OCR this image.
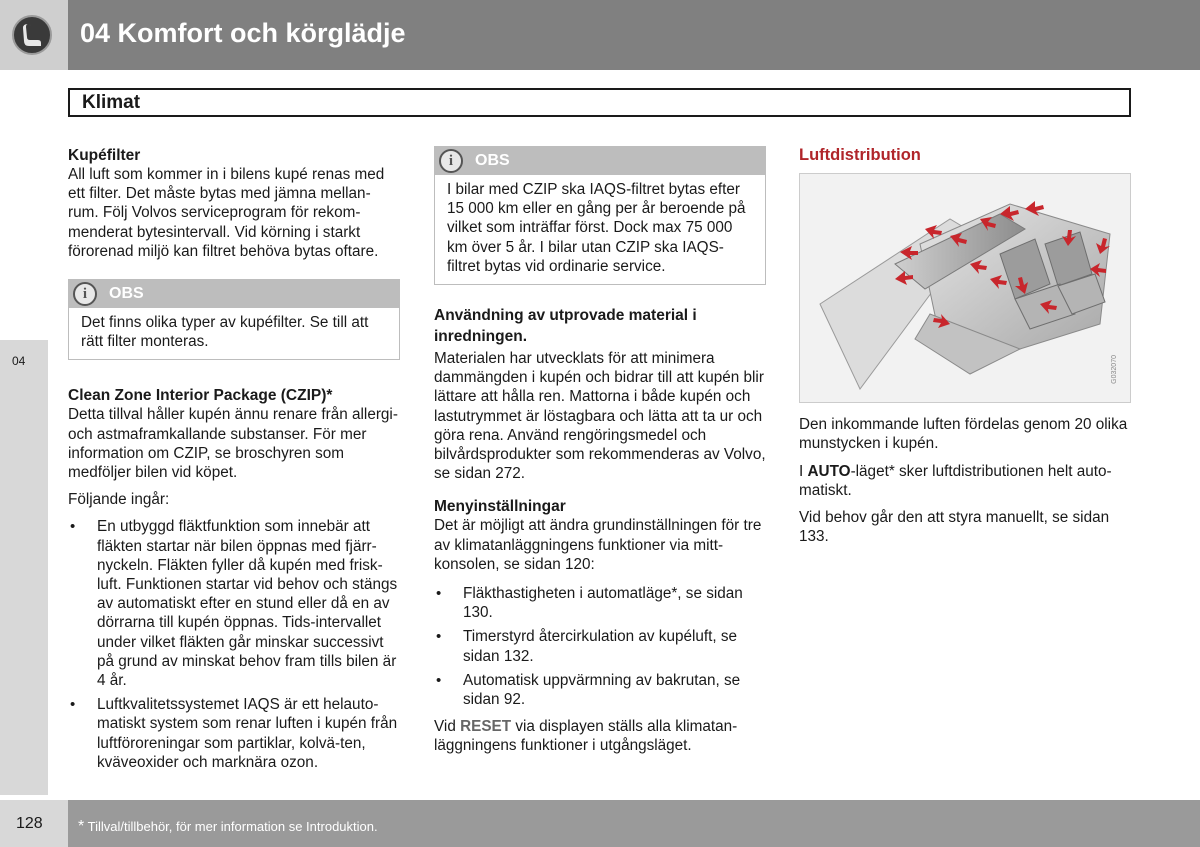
04 Komfort och körglädje
Klimat
04
Kupéfilter

All luft som kommer in i bilens kupé renas med ett filter. Det måste bytas med jämna mellan-rum. Följ Volvos serviceprogram för rekom-menderat bytesintervall. Vid körning i starkt förorenad miljö kan filtret behöva bytas oftare.

i	OBS
Det finns olika typer av kupéfilter. Se till att rätt filter monteras.
Clean Zone Interior Package (CZIP)*

Detta tillval håller kupén ännu renare från allergi- och astmaframkallande substanser. För mer information om CZIP, se broschyren som medföljer bilen vid köpet.

Följande ingår:

• En utbyggd fläktfunktion som innebär att fläkten startar när bilen öppnas med fjärr-nyckeln. Fläkten fyller då kupén med frisk-luft. Funktionen startar vid behov och stängs av automatiskt efter en stund eller då en av dörrarna till kupén öppnas. Tids-intervallet under vilket fläkten går minskar successivt på grund av minskat behov fram tills bilen är 4 år.
• Luftkvalitetssystemet IAQS är ett helauto-matiskt system som renar luften i kupén från luftföroreningar som partiklar, kolvä-ten, kväveoxider och marknära ozon.
i	OBS
I bilar med CZIP ska IAQS-filtret bytas efter 15 000 km eller en gång per år beroende på vilket som inträffar först. Dock max 75 000 km över 5 år. I bilar utan CZIP ska IAQS-filtret bytas vid ordinarie service.
Användning av utprovade material i inredningen.

Materialen har utvecklats för att minimera dammängden i kupén och bidrar till att kupén blir lättare att hålla ren. Mattorna i både kupén och lastutrymmet är löstagbara och lätta att ta ur och göra rena. Använd rengöringsmedel och bilvårdsprodukter som rekommenderas av Volvo, se sidan 272.

Menyinställningar

Det är möjligt att ändra grundinställningen för tre av klimatanläggningens funktioner via mitt-konsolen, se sidan 120:

• Fläkthastigheten i automatläge*, se sidan 130.
• Timerstyrd återcirkulation av kupéluft, se sidan 132.
• Automatisk uppvärmning av bakrutan, se sidan 92.

Vid RESET via displayen ställs alla klimatan-läggningens funktioner i utgångsläget.

Luftdistribution
G032070

Den inkommande luften fördelas genom 20 olika munstycken i kupén.

I AUTO-läget* sker luftdistributionen helt auto-matiskt.

Vid behov går den att styra manuellt, se sidan 133.

128 * Tillval/tillbehör, för mer information se Introduktion.
